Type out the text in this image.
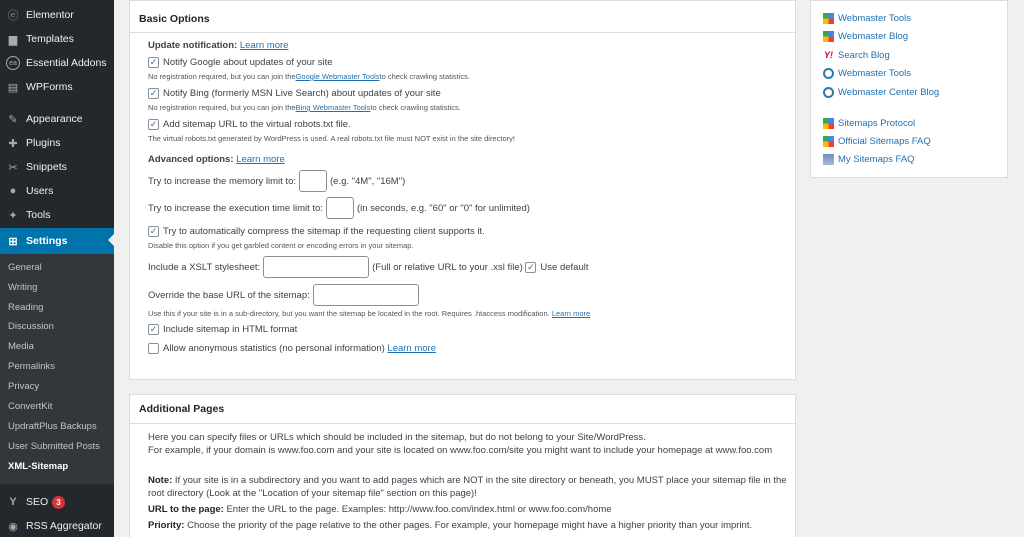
ⓔ Elementor
▆ Templates
ea Essential Addons
▤ WPForms
✎ Appearance
✚ Plugins
✂ Snippets
● Users
✦ Tools
⊞ Settings
General
Writing
Reading
Discussion
Media
Permalinks
Privacy
ConvertKit
UpdraftPlus Backups
User Submitted Posts
XML-Sitemap
Y SEO	3
◉ RSS Aggregator
Basic Options
Update notification:
Learn more
✓ Notify Google about updates of your site
No registration required, but you can join the Google Webmaster Tools to check crawling statistics.
✓ Notify Bing (formerly MSN Live Search) about updates of your site
No registration required, but you can join the Bing Webmaster Tools to check crawling statistics.
✓ Add sitemap URL to the virtual robots.txt file.
The virtual robots.txt generated by WordPress is used. A real robots.txt file must NOT exist in the site directory!
Advanced options:
Learn more
Try to increase the memory limit to:	(e.g. "4M", "16M")
Try to increase the execution time limit to:	(in seconds, e.g. "60" or "0" for unlimited)
✓ Try to automatically compress the sitemap if the requesting client supports it.
Disable this option if you get garbled content or encoding errors in your sitemap.
Include a XSLT stylesheet:	(Full or relative URL to your .xsl file)
✓ Use default
Override the base URL of the sitemap:
Use this if your site is in a sub-directory, but you want the sitemap be located in the root. Requires .htaccess modification.
Learn more
✓ Include sitemap in HTML format
Allow anonymous statistics (no personal information)
Learn more
Additional Pages
Here you can specify files or URLs which should be included in the sitemap, but do not belong to your Site/WordPress.
For example, if your domain is www.foo.com and your site is located on www.foo.com/site you might want to include your homepage at www.foo.com
Note: If your site is in a subdirectory and you want to add pages which are NOT in the site directory or beneath, you MUST place your sitemap file in the root directory (Look at the "Location of your sitemap file" section on this page)!
URL to the page: Enter the URL to the page. Examples: http://www.foo.com/index.html or www.foo.com/home
Priority: Choose the priority of the page relative to the other pages. For example, your homepage might have a higher priority than your imprint.
Webmaster Tools
Webmaster Blog
Y! Search Blog
Webmaster Tools
Webmaster Center Blog
Sitemaps Protocol
Official Sitemaps FAQ
My Sitemaps FAQ
